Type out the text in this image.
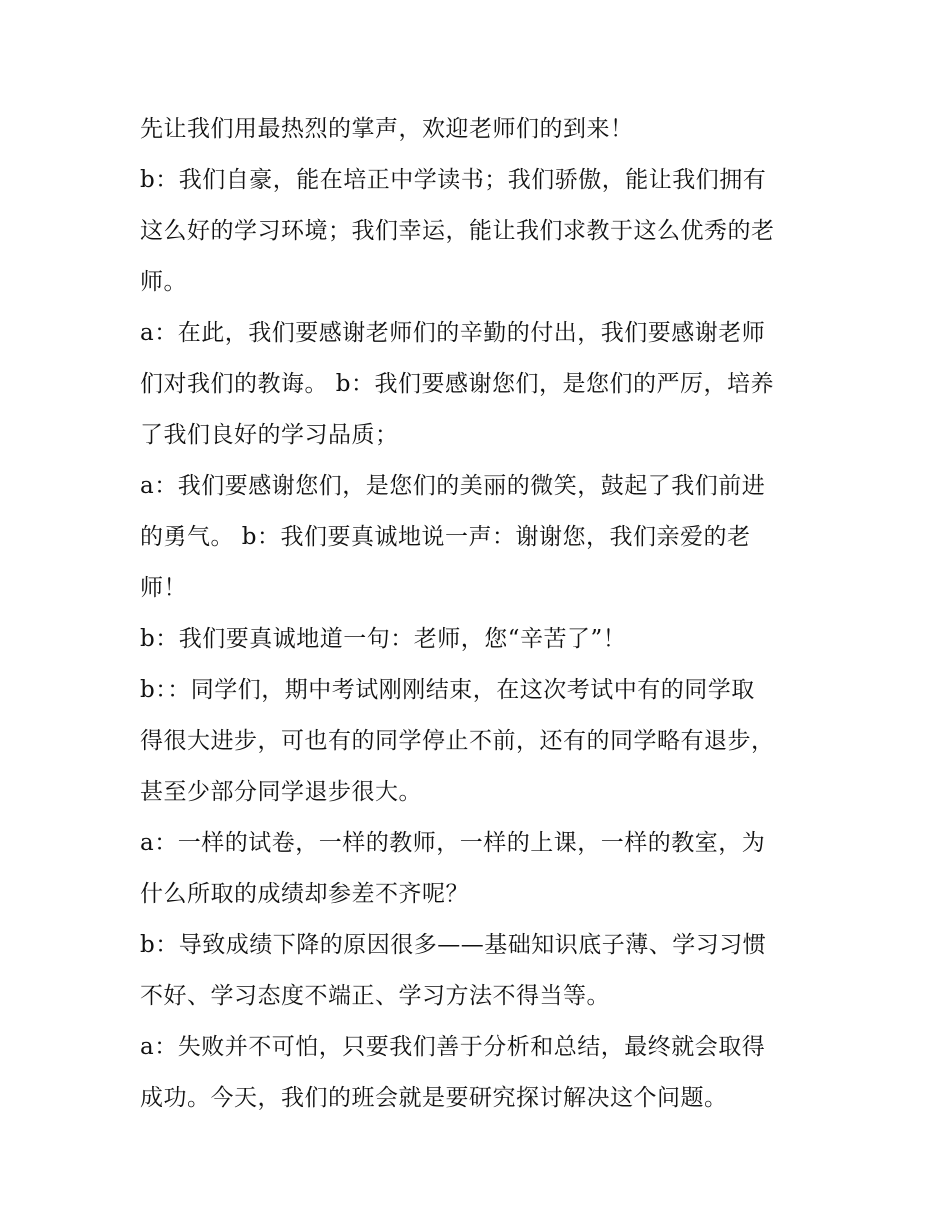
先让我们用最热烈的掌声，欢迎老师们的到来！
b：我们自豪，能在培正中学读书；我们骄傲，能让我们拥有
这么好的学习环境；我们幸运，能让我们求教于这么优秀的老
师。
a：在此，我们要感谢老师们的辛勤的付出，我们要感谢老师
们对我们的教诲。 b：我们要感谢您们，是您们的严厉，培养
了我们良好的学习品质；
a：我们要感谢您们，是您们的美丽的微笑，鼓起了我们前进
的勇气。 b：我们要真诚地说一声：谢谢您，我们亲爱的老
师！
b：我们要真诚地道一句：老师，您“辛苦了”！
b：：同学们，期中考试刚刚结束，在这次考试中有的同学取
得很大进步，可也有的同学停止不前，还有的同学略有退步，
甚至少部分同学退步很大。
a：一样的试卷，一样的教师，一样的上课，一样的教室，为
什么所取的成绩却参差不齐呢？
b：导致成绩下降的原因很多——基础知识底子薄、学习习惯
不好、学习态度不端正、学习方法不得当等。
a：失败并不可怕，只要我们善于分析和总结，最终就会取得
成功。今天，我们的班会就是要研究探讨解决这个问题。
